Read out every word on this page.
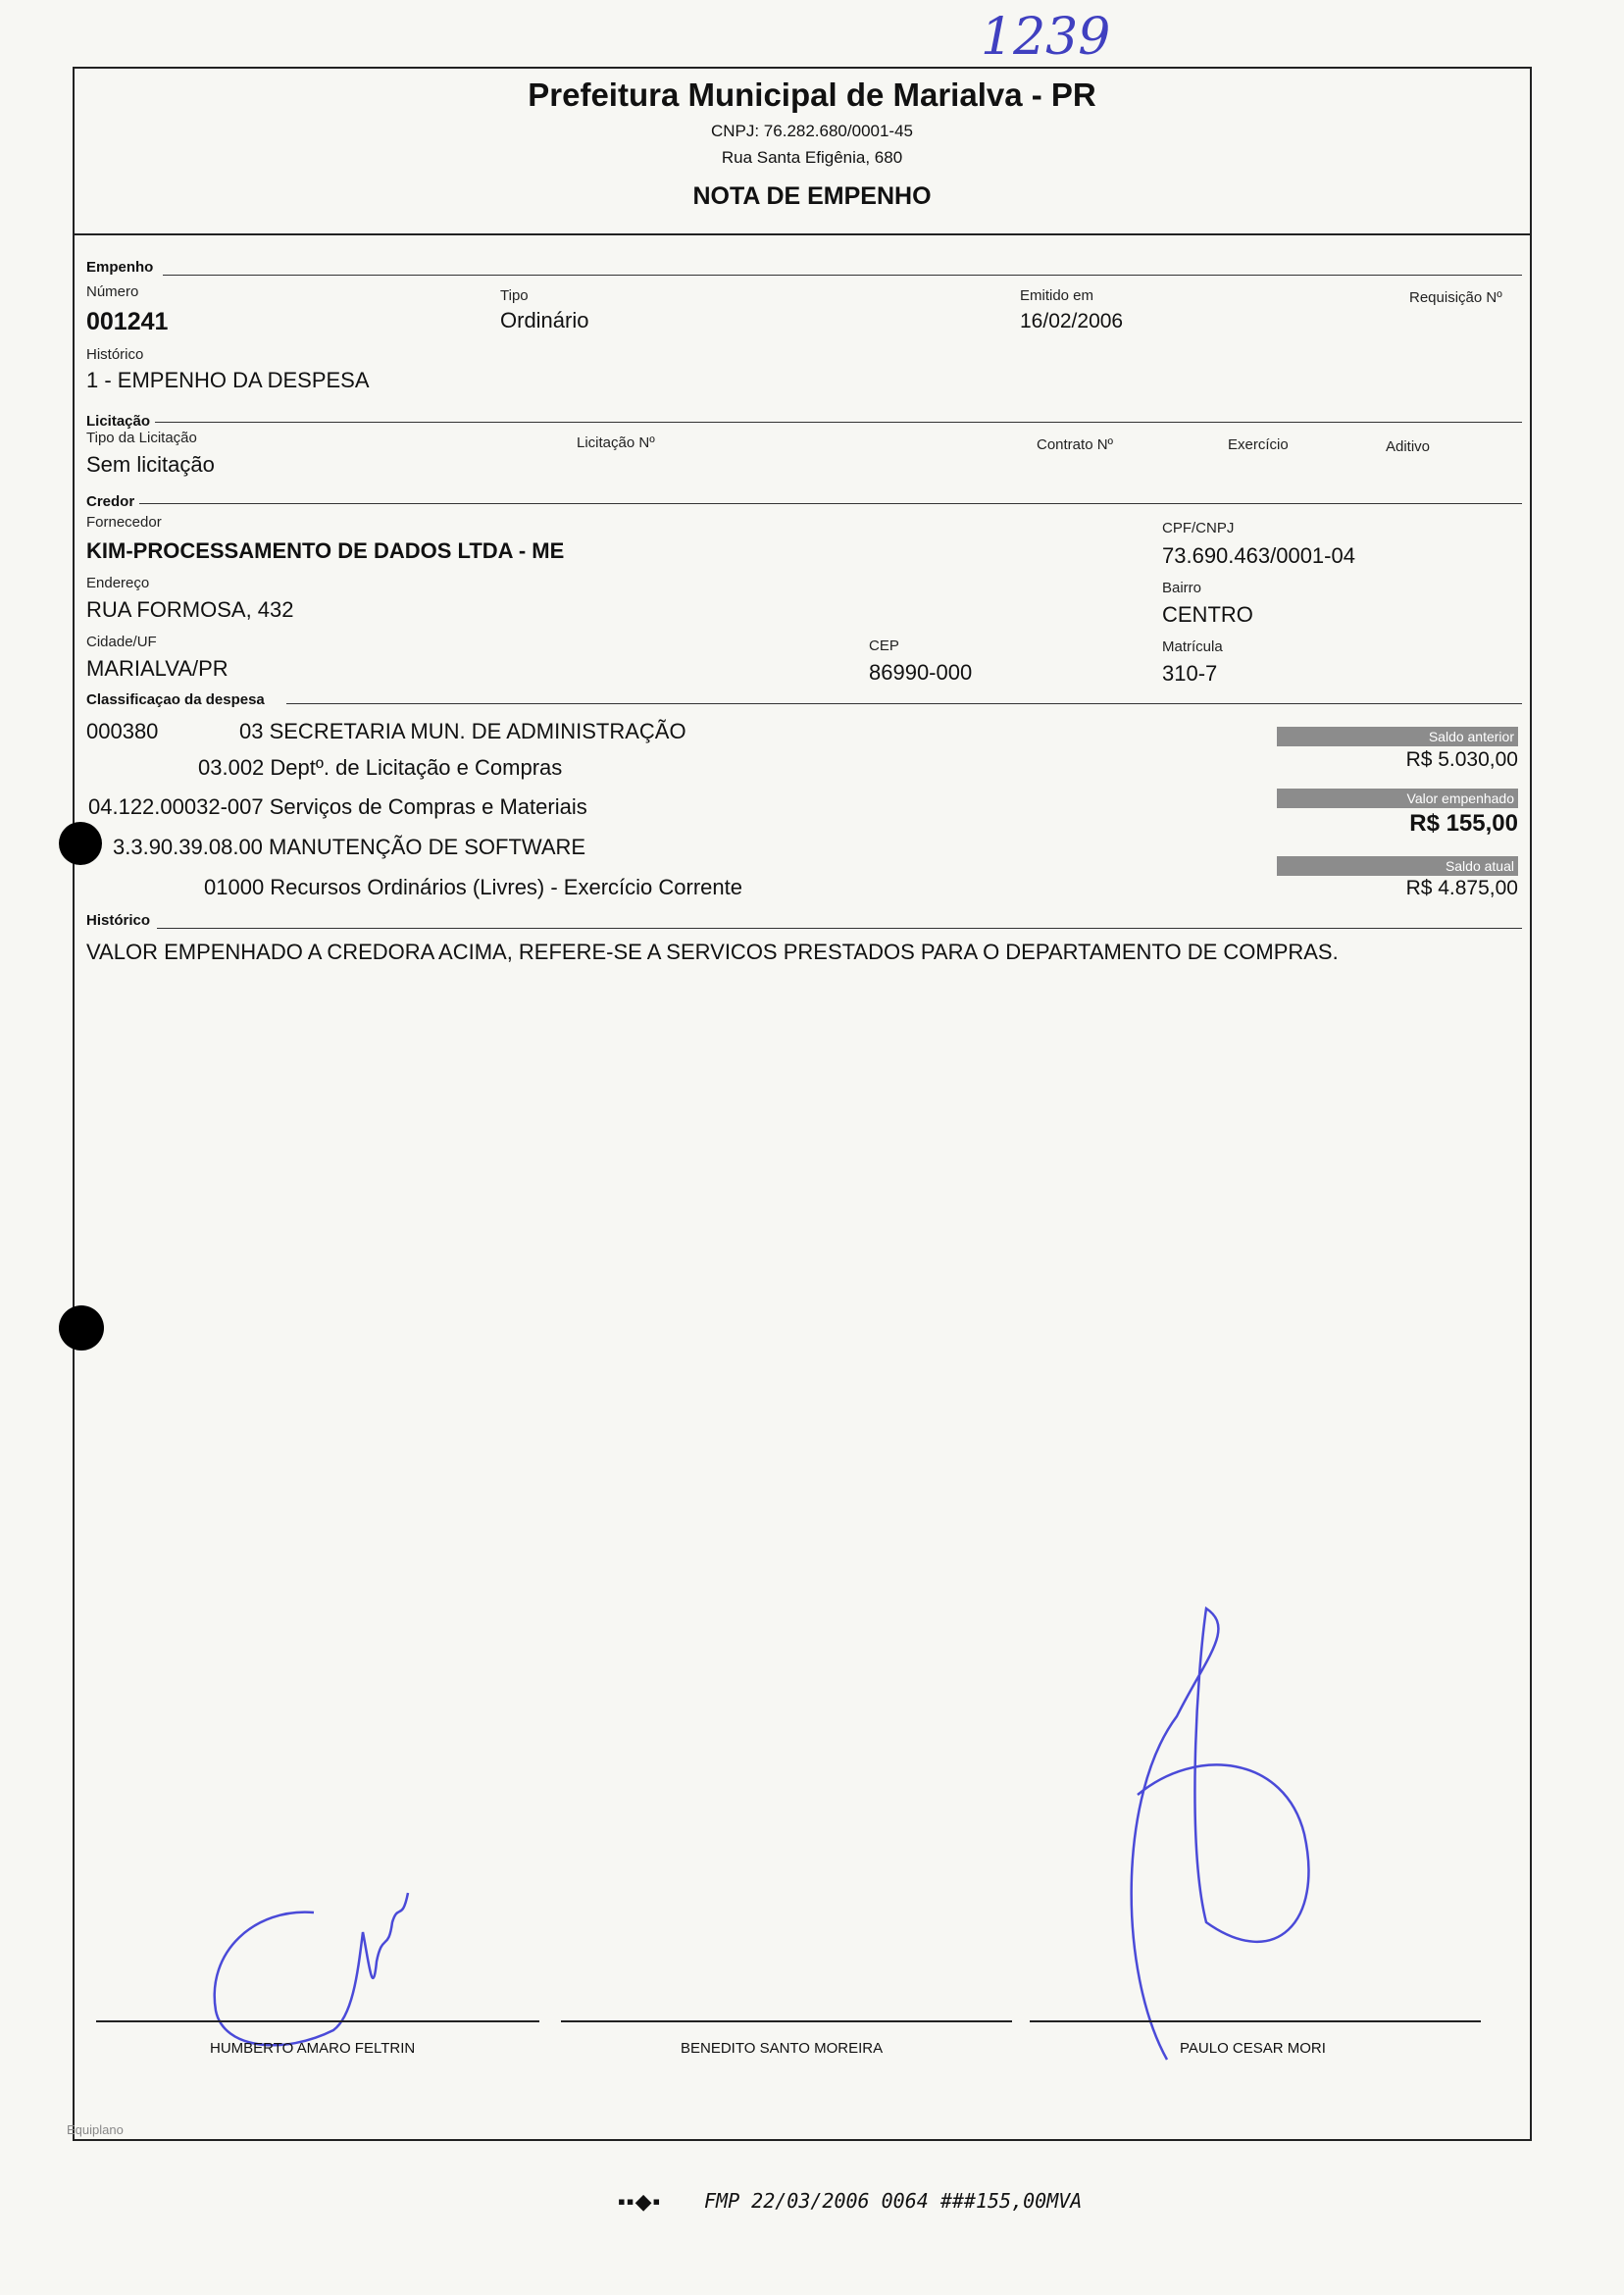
1239
Prefeitura Municipal de Marialva - PR
CNPJ: 76.282.680/0001-45
Rua Santa Efigênia, 680
NOTA DE EMPENHO
Empenho
Número
001241
Tipo
Ordinário
Emitido em
16/02/2006
Requisição Nº
Histórico
1 - EMPENHO DA DESPESA
Licitação
Tipo da Licitação
Sem licitação
Licitação Nº	Contrato Nº	Exercício	Aditivo
Credor
Fornecedor
KIM-PROCESSAMENTO DE DADOS LTDA - ME
CPF/CNPJ
73.690.463/0001-04
Endereço
RUA FORMOSA, 432
Bairro
CENTRO
Cidade/UF
MARIALVA/PR
CEP
86990-000
Matrícula
310-7
Classificaçao da despesa
000380	03 SECRETARIA MUN. DE ADMINISTRAÇÃO
03.002 Deptº. de Licitação e Compras
04.122.00032-007 Serviços de Compras e Materiais
3.3.90.39.08.00 MANUTENÇÃO DE SOFTWARE
01000 Recursos Ordinários (Livres) - Exercício Corrente
Saldo anterior
R$ 5.030,00
Valor empenhado
R$ 155,00
Saldo atual
R$ 4.875,00
Histórico
VALOR EMPENHADO A CREDORA ACIMA, REFERE-SE A SERVICOS PRESTADOS PARA O DEPARTAMENTO DE COMPRAS.
HUMBERTO AMARO FELTRIN	BENEDITO SANTO MOREIRA	PAULO CESAR MORI
Equiplano
▪▪◆▪ FMP 22/03/2006 0064 ###155,00MVA
